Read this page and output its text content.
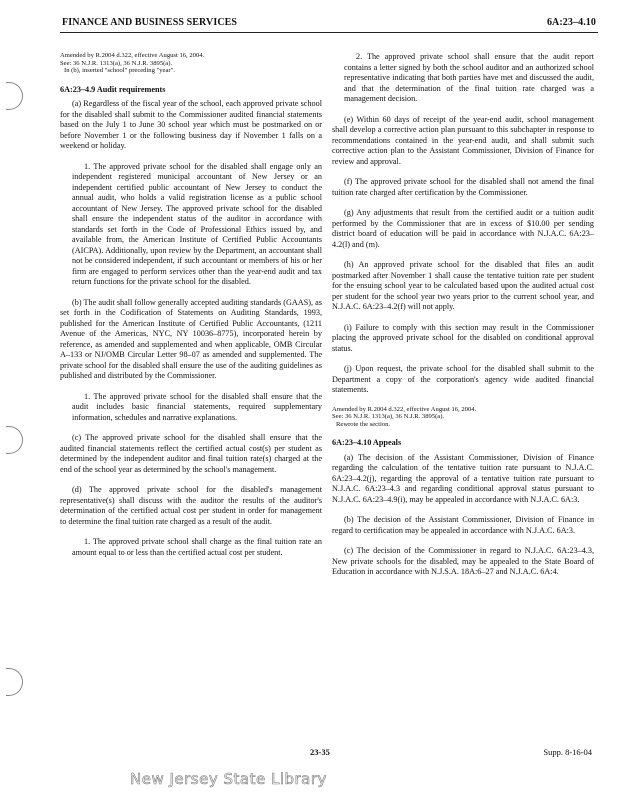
FINANCE AND BUSINESS SERVICES	6A:23–4.10

Amended by R.2004 d.322, effective August 16, 2004.
See: 36 N.J.R. 1313(a), 36 N.J.R. 3895(a).
In (b), inserted "school" preceding "year".

6A:23–4.9 Audit requirements

(a) Regardless of the fiscal year of the school, each approved private school for the disabled shall submit to the Commissioner audited financial statements based on the July 1 to June 30 school year which must be postmarked on or before November 1 or the following business day if November 1 falls on a weekend or holiday.

1. The approved private school for the disabled shall engage only an independent registered municipal accountant of New Jersey or an independent certified public accountant of New Jersey to conduct the annual audit, who holds a valid registration license as a public school accountant of New Jersey. The approved private school for the disabled shall ensure the independent status of the auditor in accordance with standards set forth in the Code of Professional Ethics issued by, and available from, the American Institute of Certified Public Accountants (AICPA). Additionally, upon review by the Department, an accountant shall not be considered independent, if such accountant or members of his or her firm are engaged to perform services other than the year-end audit and tax return functions for the private school for the disabled.

(b) The audit shall follow generally accepted auditing standards (GAAS), as set forth in the Codification of Statements on Auditing Standards, 1993, published for the American Institute of Certified Public Accountants, (1211 Avenue of the Americas, NYC, NY 10036–8775), incorporated herein by reference, as amended and supplemented and when applicable, OMB Circular A–133 or NJ/OMB Circular Letter 98–07 as amended and supplemented. The private school for the disabled shall ensure the use of the auditing guidelines as published and distributed by the Commissioner.

1. The approved private school for the disabled shall ensure that the audit includes basic financial statements, required supplementary information, schedules and narrative explanations.

(c) The approved private school for the disabled shall ensure that the audited financial statements reflect the certified actual cost(s) per student as determined by the independent auditor and final tuition rate(s) charged at the end of the school year as determined by the school's management.

(d) The approved private school for the disabled's management representative(s) shall discuss with the auditor the results of the auditor's determination of the certified actual cost per student in order for management to determine the final tuition rate charged as a result of the audit.

1. The approved private school shall charge as the final tuition rate an amount equal to or less than the certified actual cost per student.

2. The approved private school shall ensure that the audit report contains a letter signed by both the school auditor and an authorized school representative indicating that both parties have met and discussed the audit, and that the determination of the final tuition rate charged was a management decision.

(e) Within 60 days of receipt of the year-end audit, school management shall develop a corrective action plan pursuant to this subchapter in response to recommendations contained in the year-end audit, and shall submit such corrective action plan to the Assistant Commissioner, Division of Finance for review and approval.

(f) The approved private school for the disabled shall not amend the final tuition rate charged after certification by the Commissioner.

(g) Any adjustments that result from the certified audit or a tuition audit performed by the Commissioner that are in excess of $10.00 per sending district board of education will be paid in accordance with N.J.A.C. 6A:23–4.2(l) and (m).

(h) An approved private school for the disabled that files an audit postmarked after November 1 shall cause the tentative tuition rate per student for the ensuing school year to be calculated based upon the audited actual cost per student for the school year two years prior to the current school year, and N.J.A.C. 6A:23–4.2(f) will not apply.

(i) Failure to comply with this section may result in the Commissioner placing the approved private school for the disabled on conditional approval status.

(j) Upon request, the private school for the disabled shall submit to the Department a copy of the corporation's agency wide audited financial statements.

Amended by R.2004 d.322, effective August 16, 2004.
See: 36 N.J.R. 1313(a), 36 N.J.R. 3895(a).
Rewrote the section.

6A:23–4.10 Appeals

(a) The decision of the Assistant Commissioner, Division of Finance regarding the calculation of the tentative tuition rate pursuant to N.J.A.C. 6A:23–4.2(j), regarding the approval of a tentative tuition rate pursuant to N.J.A.C. 6A:23–4.3 and regarding conditional approval status pursuant to N.J.A.C. 6A:23–4.9(i), may be appealed in accordance with N.J.A.C. 6A:3.

(b) The decision of the Assistant Commissioner, Division of Finance in regard to certification may be appealed in accordance with N.J.A.C. 6A:3.

(c) The decision of the Commissioner in regard to N.J.A.C. 6A:23–4.3, New private schools for the disabled, may be appealed to the State Board of Education in accordance with N.J.S.A. 18A:6–27 and N.J.A.C. 6A:4.

23-35	Supp. 8-16-04
New Jersey State Library
